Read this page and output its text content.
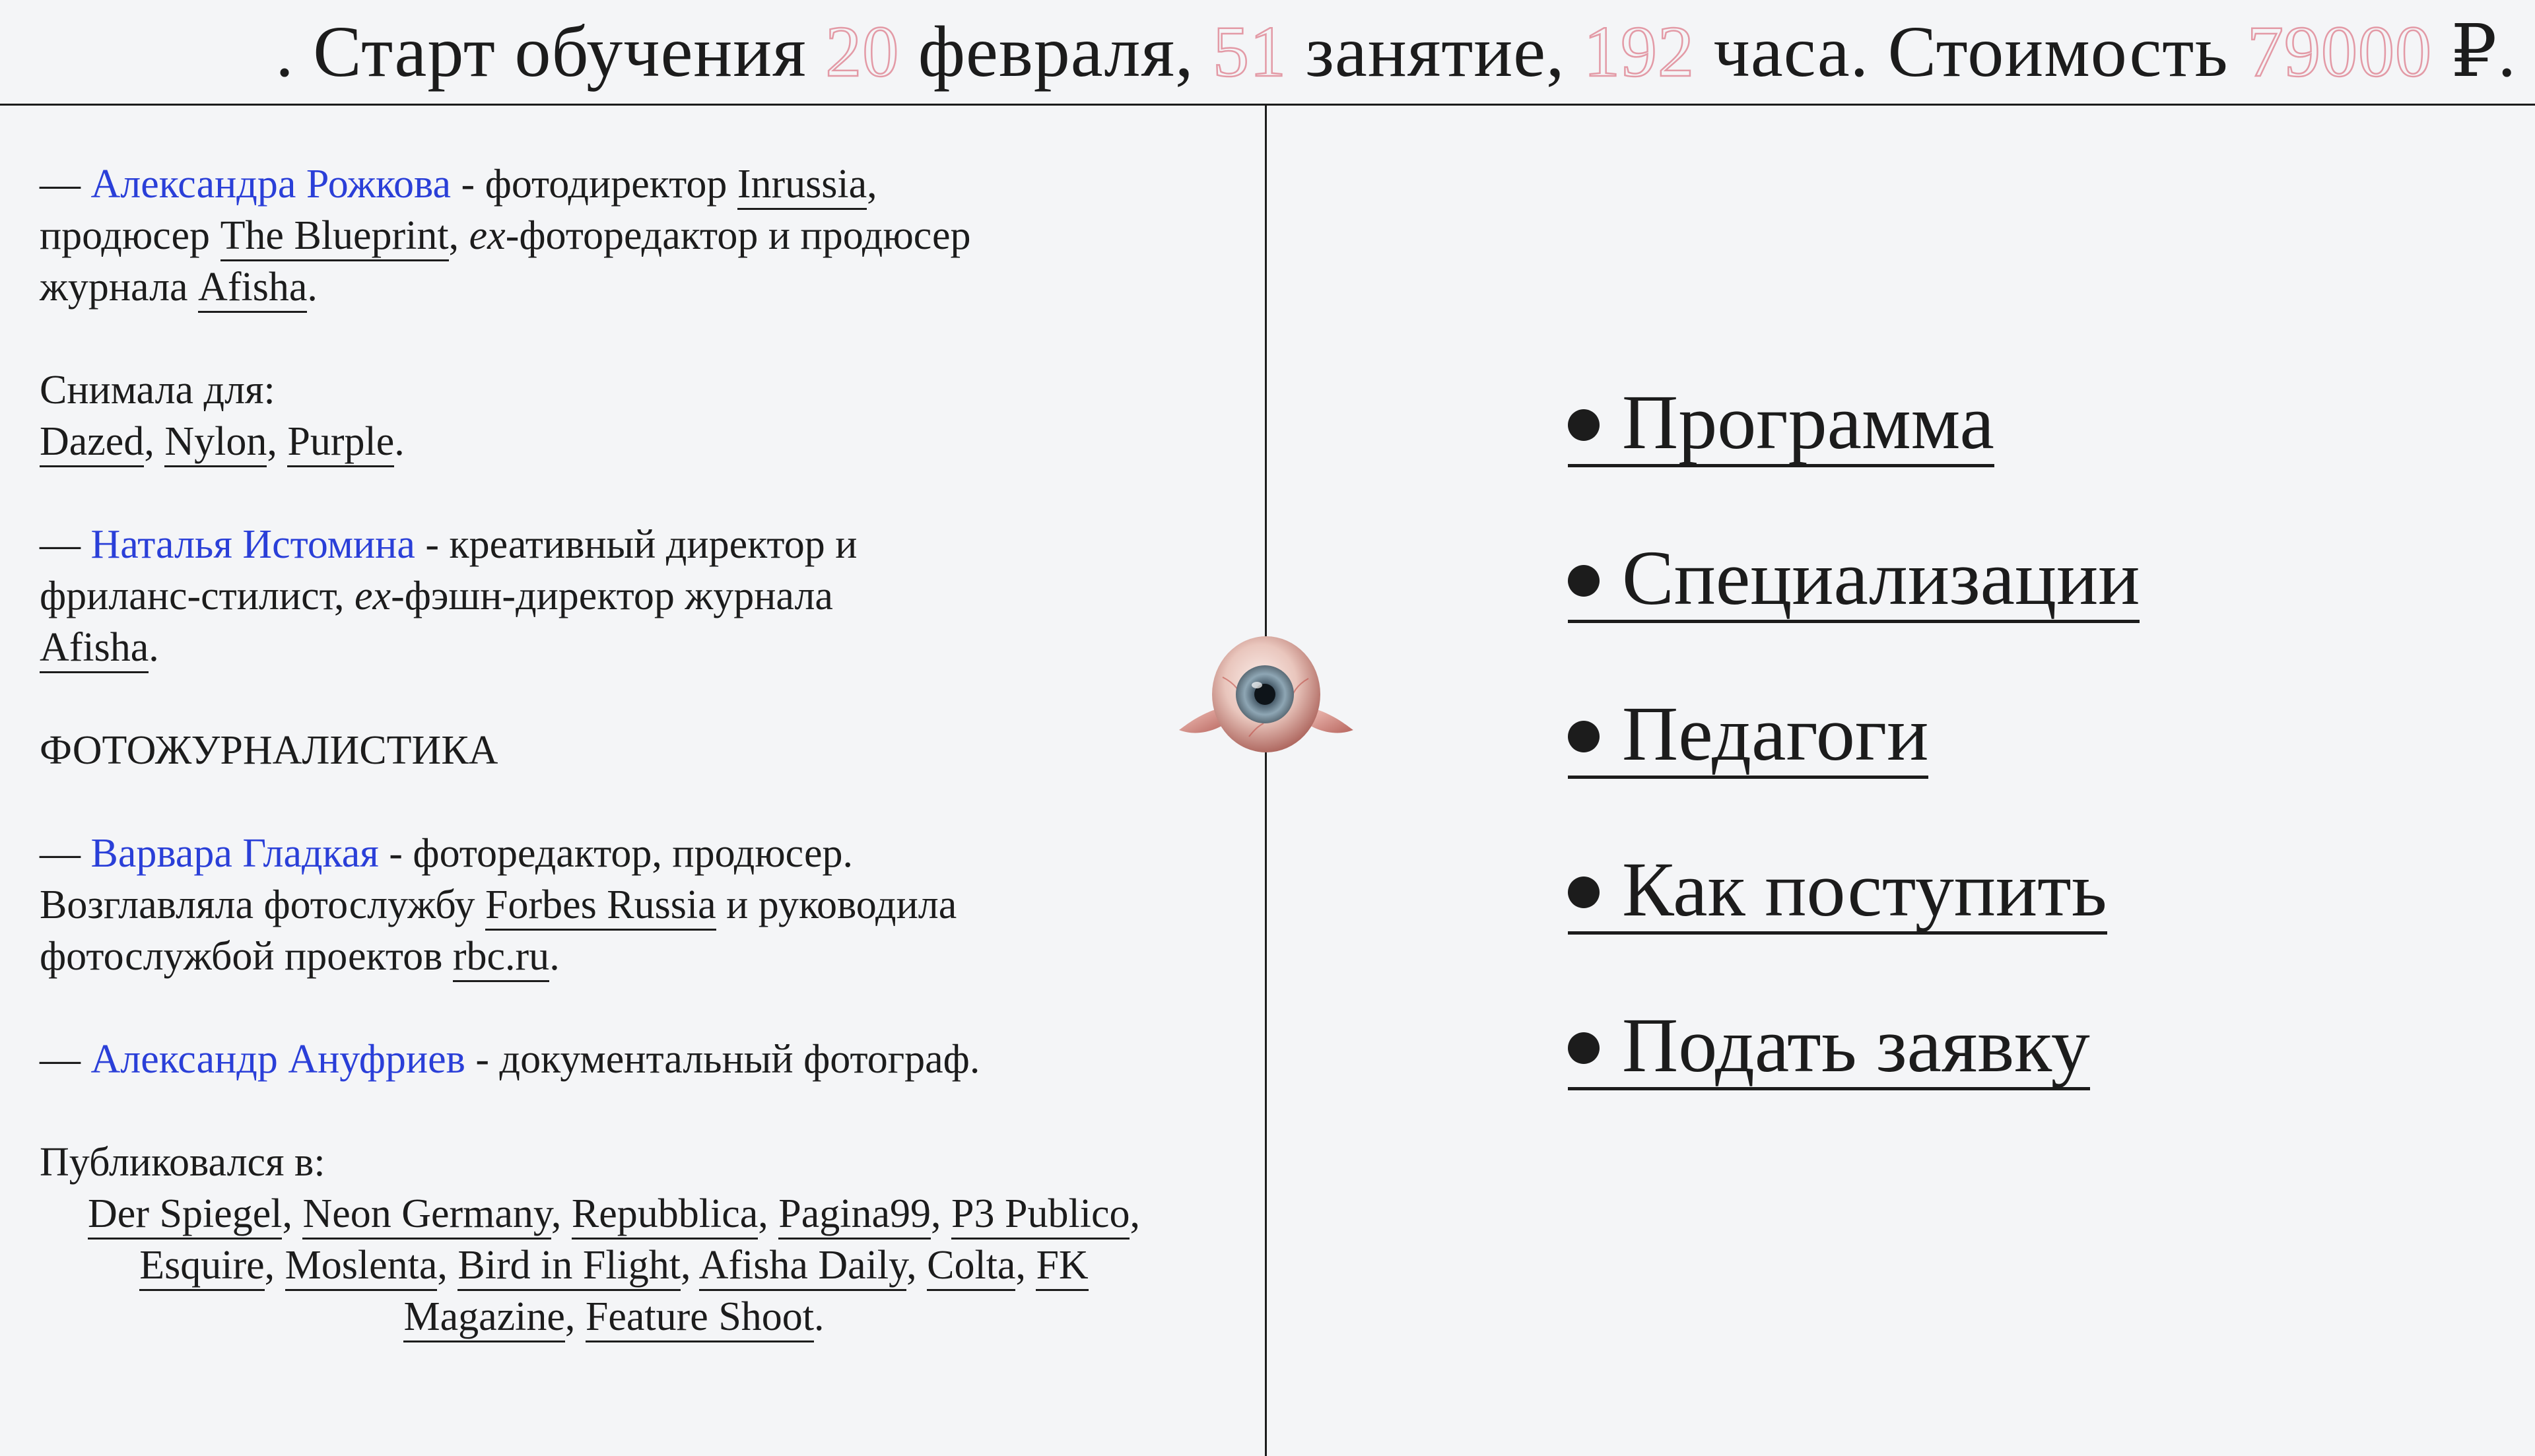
. Старт обучения 20 февраля, 51 занятие, 192 часа. Стоимость 79000 ₽.

— Александра Рожкова - фотодиректор Inrussia,

продюсер The Blueprint, ex-фоторедактор и продюсер

журнала Afisha.

Снимала для:

Dazed, Nylon, Purple.

— Наталья Истомина - креативный директор и

фриланс-стилист, ex-фэшн-директор журнала

Afisha.

ФОТОЖУРНАЛИСТИКА

— Варвара Гладкая - фоторедактор, продюсер.

Возглавляла фотослужбу Forbes Russia и руководила

фотослужбой проектов rbc.ru.

— Александр Ануфриев - документальный фотограф.

Публиковался в:

Der Spiegel, Neon Germany, Repubblica, Pagina99, P3 Publico, Esquire, Moslenta, Bird in Flight, Afisha Daily, Colta, FK Magazine, Feature Shoot.

Программа
Специализации
Педагоги
Как поступить
Подать заявку
